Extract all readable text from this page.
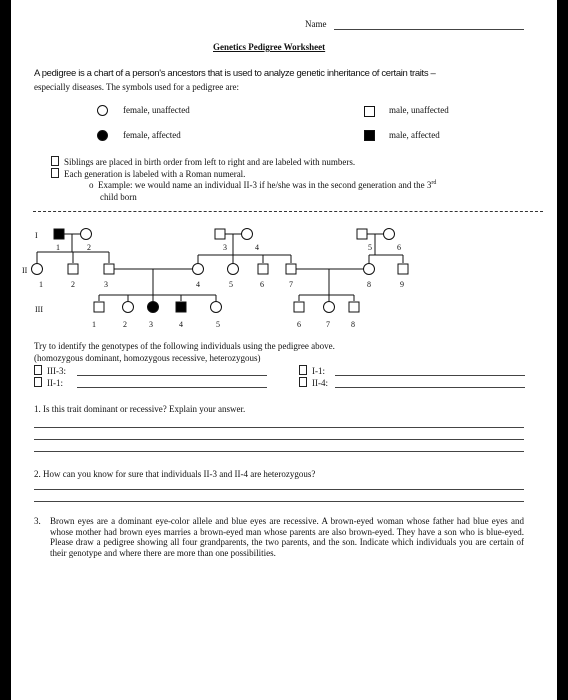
Name
Genetics Pedigree Worksheet
A pedigree is a chart of a person's ancestors that is used to analyze genetic inheritance of certain traits –
especially diseases. The symbols used for a pedigree are:
female, unaffected	male, unaffected
female, affected	male, affected
Siblings are placed in birth order from left to right and are labeled with numbers.
Each generation is labeled with a Roman numeral.
o  Example: we would name an individual II-3 if he/she was in the second generation and the 3rd
child born
I
II
III
1	2	3	4	5	6
1	2	3	4	5	6	7	8	9
1	2	3	4	5	6	7	8
Try to identify the genotypes of the following individuals using the pedigree above.
(homozygous dominant, homozygous recessive, heterozygous)
III-3:	I-1:
II-1:	II-4:
1. Is this trait dominant or recessive? Explain your answer.
2. How can you know for sure that individuals II-3 and II-4 are heterozygous?
3. Brown eyes are a dominant eye-color allele and blue eyes are recessive. A brown-eyed woman whose father had blue eyes and whose mother had brown eyes marries a brown-eyed man whose parents are also brown-eyed. They have a son who is blue-eyed. Please draw a pedigree showing all four grandparents, the two parents, and the son. Indicate which individuals you are certain of their genotype and where there are more than one possibilities.
